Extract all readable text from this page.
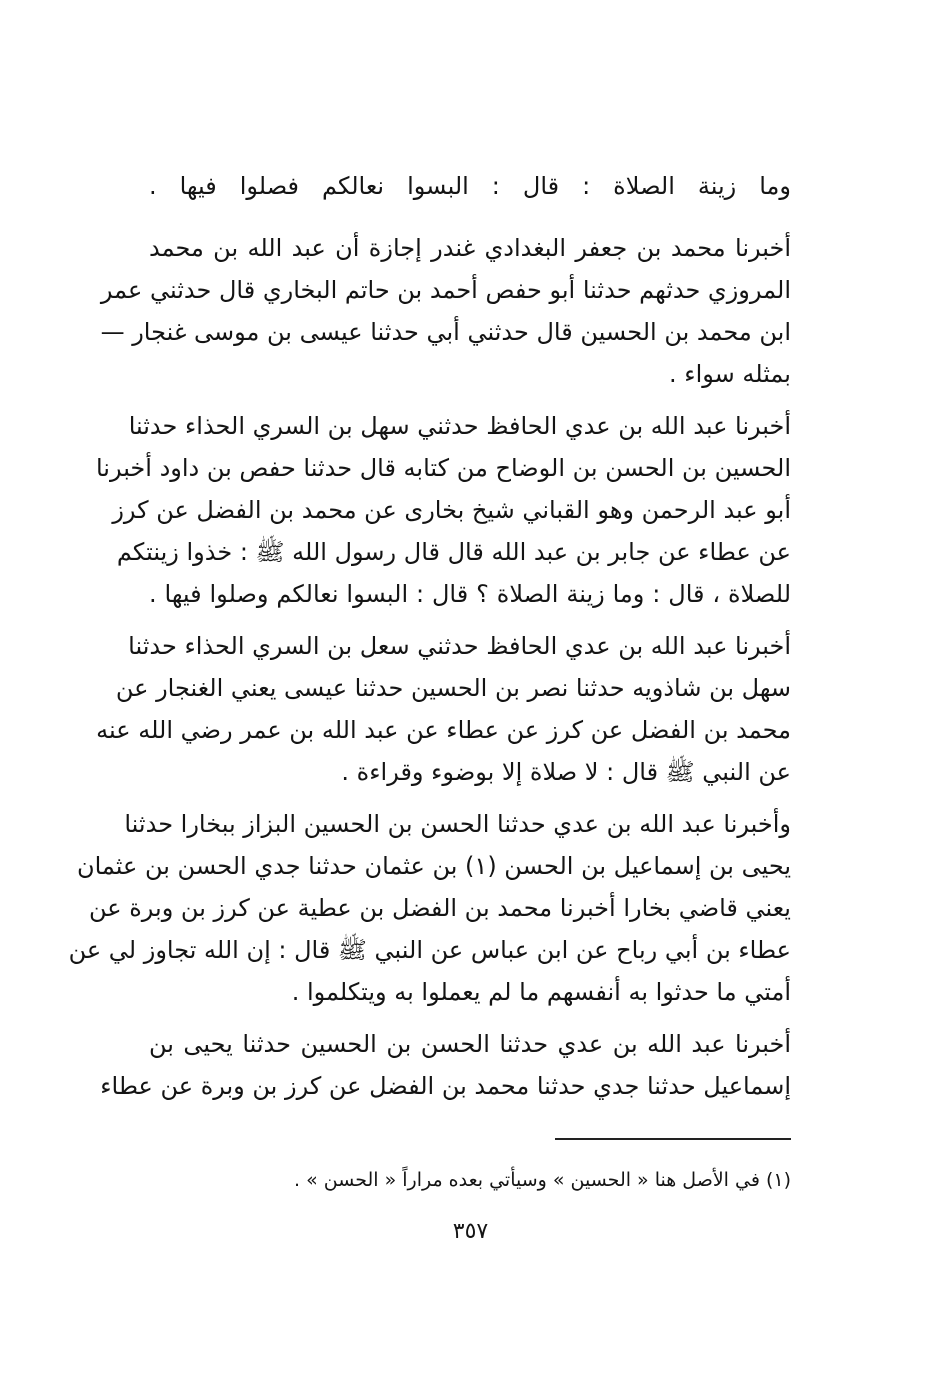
وما زينة الصلاة : قال : البسوا نعالكم فصلوا فيها .
أخبرنا محمد بن جعفر البغدادي غندر إجازة أن عبد الله بن محمد
المروزي حدثهم حدثنا أبو حفص أحمد بن حاتم البخاري قال حدثني عمر
ابن محمد بن الحسين قال حدثني أبي حدثنا عيسى بن موسى غنجار —
بمثله سواء .
أخبرنا عبد الله بن عدي الحافظ حدثني سهل بن السري الحذاء حدثنا
الحسين بن الحسن بن الوضاح من كتابه قال حدثنا حفص بن داود أخبرنا
أبو عبد الرحمن وهو القباني شيخ بخارى عن محمد بن الفضل عن كرز
عن عطاء عن جابر بن عبد الله قال قال رسول الله ﷺ : خذوا زينتكم
للصلاة ، قال : وما زينة الصلاة ؟ قال : البسوا نعالكم وصلوا فيها .
أخبرنا عبد الله بن عدي الحافظ حدثني سعل بن السري الحذاء حدثنا
سهل بن شاذويه حدثنا نصر بن الحسين حدثنا عيسى يعني الغنجار عن
محمد بن الفضل عن كرز عن عطاء عن عبد الله بن عمر رضي الله عنه
عن النبي ﷺ قال : لا صلاة إلا بوضوء وقراءة .
وأخبرنا عبد الله بن عدي حدثنا الحسن بن الحسين البزاز ببخارا حدثنا
يحيى بن إسماعيل بن الحسن (١) بن عثمان حدثنا جدي الحسن بن عثمان
يعني قاضي بخارا أخبرنا محمد بن الفضل بن عطية عن كرز بن وبرة عن
عطاء بن أبي رباح عن ابن عباس عن النبي ﷺ قال : إن الله تجاوز لي عن
أمتي ما حدثوا به أنفسهم ما لم يعملوا به ويتكلموا .
أخبرنا عبد الله بن عدي حدثنا الحسن بن الحسين حدثنا يحيى بن
إسماعيل حدثنا جدي حدثنا محمد بن الفضل عن كرز بن وبرة عن عطاء
(١) في الأصل هنا « الحسين » وسيأتي بعده مراراً « الحسن » .
٣٥٧
